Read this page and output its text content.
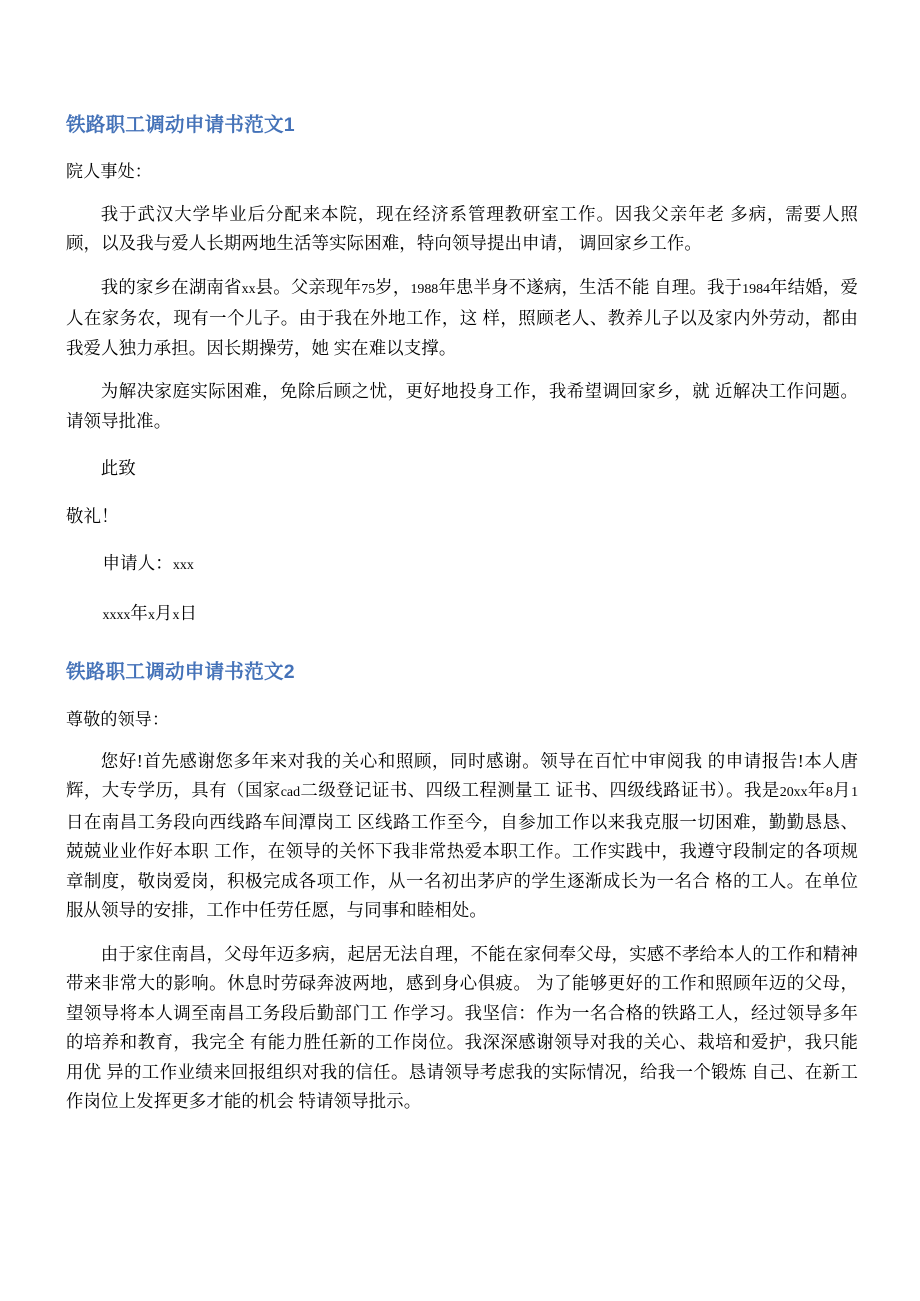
铁路职工调动申请书范文1
院人事处：

我于武汉大学毕业后分配来本院，现在经济系管理教研室工作。因我父亲年老 多病，需要人照顾，以及我与爱人长期两地生活等实际困难，特向领导提出申请， 调回家乡工作。

我的家乡在湖南省xx县。父亲现年75岁，1988年患半身不遂病，生活不能 自理。我于1984年结婚，爱人在家务农，现有一个儿子。由于我在外地工作，这 样，照顾老人、教养儿子以及家内外劳动，都由我爱人独力承担。因长期操劳，她 实在难以支撑。

为解决家庭实际困难，免除后顾之忧，更好地投身工作，我希望调回家乡，就 近解决工作问题。请领导批准。

此致
敬礼！
申请人：xxx
xxxx年x月x日
铁路职工调动申请书范文2
尊敬的领导：

您好!首先感谢您多年来对我的关心和照顾，同时感谢。领导在百忙中审阅我 的申请报告!本人唐辉，大专学历，具有（国家cad二级登记证书、四级工程测量工 证书、四级线路证书）。我是20xx年8月1日在南昌工务段向西线路车间潭岗工 区线路工作至今，自参加工作以来我克服一切困难，勤勤恳恳、兢兢业业作好本职 工作，在领导的关怀下我非常热爱本职工作。工作实践中，我遵守段制定的各项规 章制度，敬岗爱岗，积极完成各项工作，从一名初出茅庐的学生逐渐成长为一名合 格的工人。在单位服从领导的安排，工作中任劳任愿，与同事和睦相处。

由于家住南昌，父母年迈多病，起居无法自理，不能在家伺奉父母，实感不孝给本人的工作和精神带来非常大的影响。休息时劳碌奔波两地，感到身心俱疲。 为了能够更好的工作和照顾年迈的父母，望领导将本人调至南昌工务段后勤部门工 作学习。我坚信：作为一名合格的铁路工人，经过领导多年的培养和教育，我完全 有能力胜任新的工作岗位。我深深感谢领导对我的关心、栽培和爱护，我只能用优 异的工作业绩来回报组织对我的信任。恳请领导考虑我的实际情况，给我一个锻炼 自己、在新工作岗位上发挥更多才能的机会 特请领导批示。
